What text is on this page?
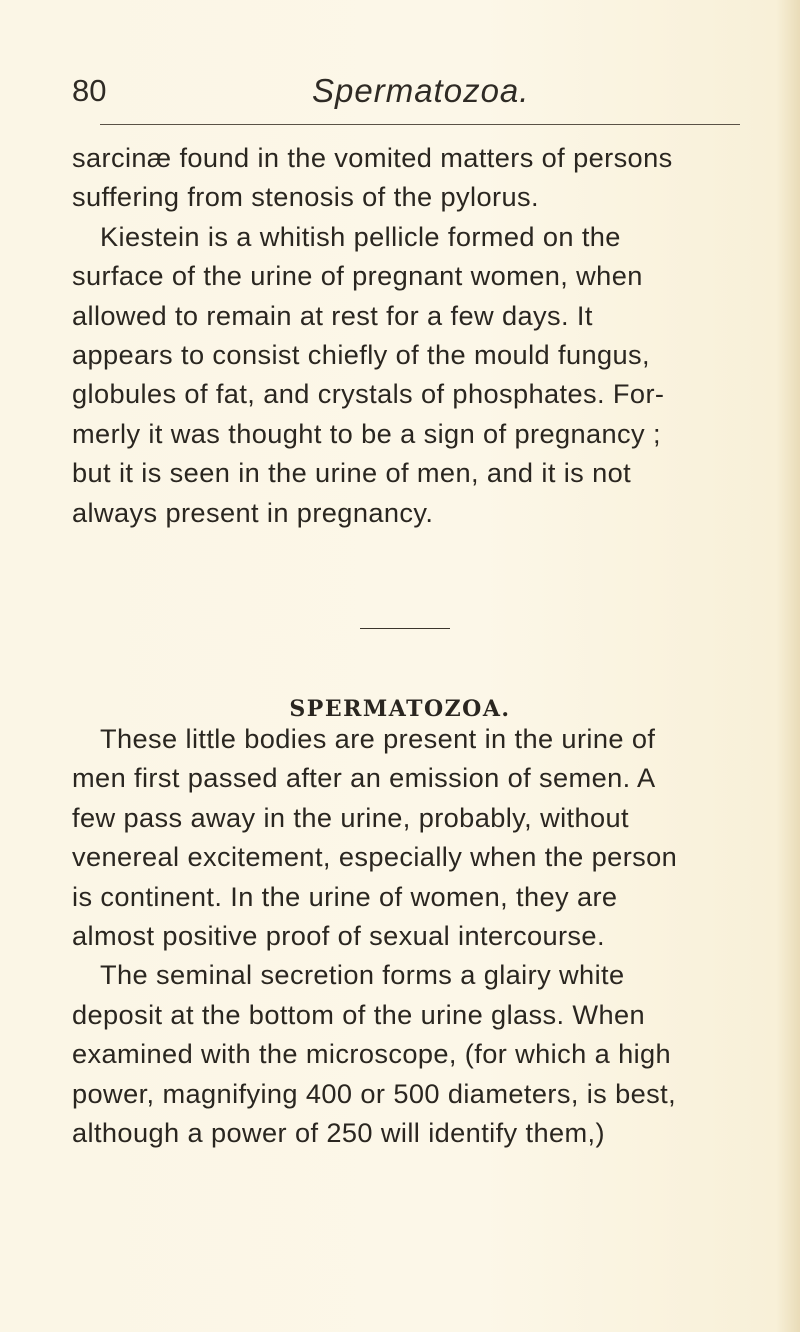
80	Spermatozoa.

sarcinæ found in the vomited matters of persons
suffering from stenosis of the pylorus.

Kiestein is a whitish pellicle formed on the
surface of the urine of pregnant women, when
allowed to remain at rest for a few days. It
appears to consist chiefly of the mould fungus,
globules of fat, and crystals of phosphates. For-
merly it was thought to be a sign of pregnancy ;
but it is seen in the urine of men, and it is not
always present in pregnancy.

SPERMATOZOA.

These little bodies are present in the urine of
men first passed after an emission of semen. A
few pass away in the urine, probably, without
venereal excitement, especially when the person
is continent. In the urine of women, they are
almost positive proof of sexual intercourse.

The seminal secretion forms a glairy white
deposit at the bottom of the urine glass. When
examined with the microscope, (for which a high
power, magnifying 400 or 500 diameters, is best,
although a power of 250 will identify them,)
